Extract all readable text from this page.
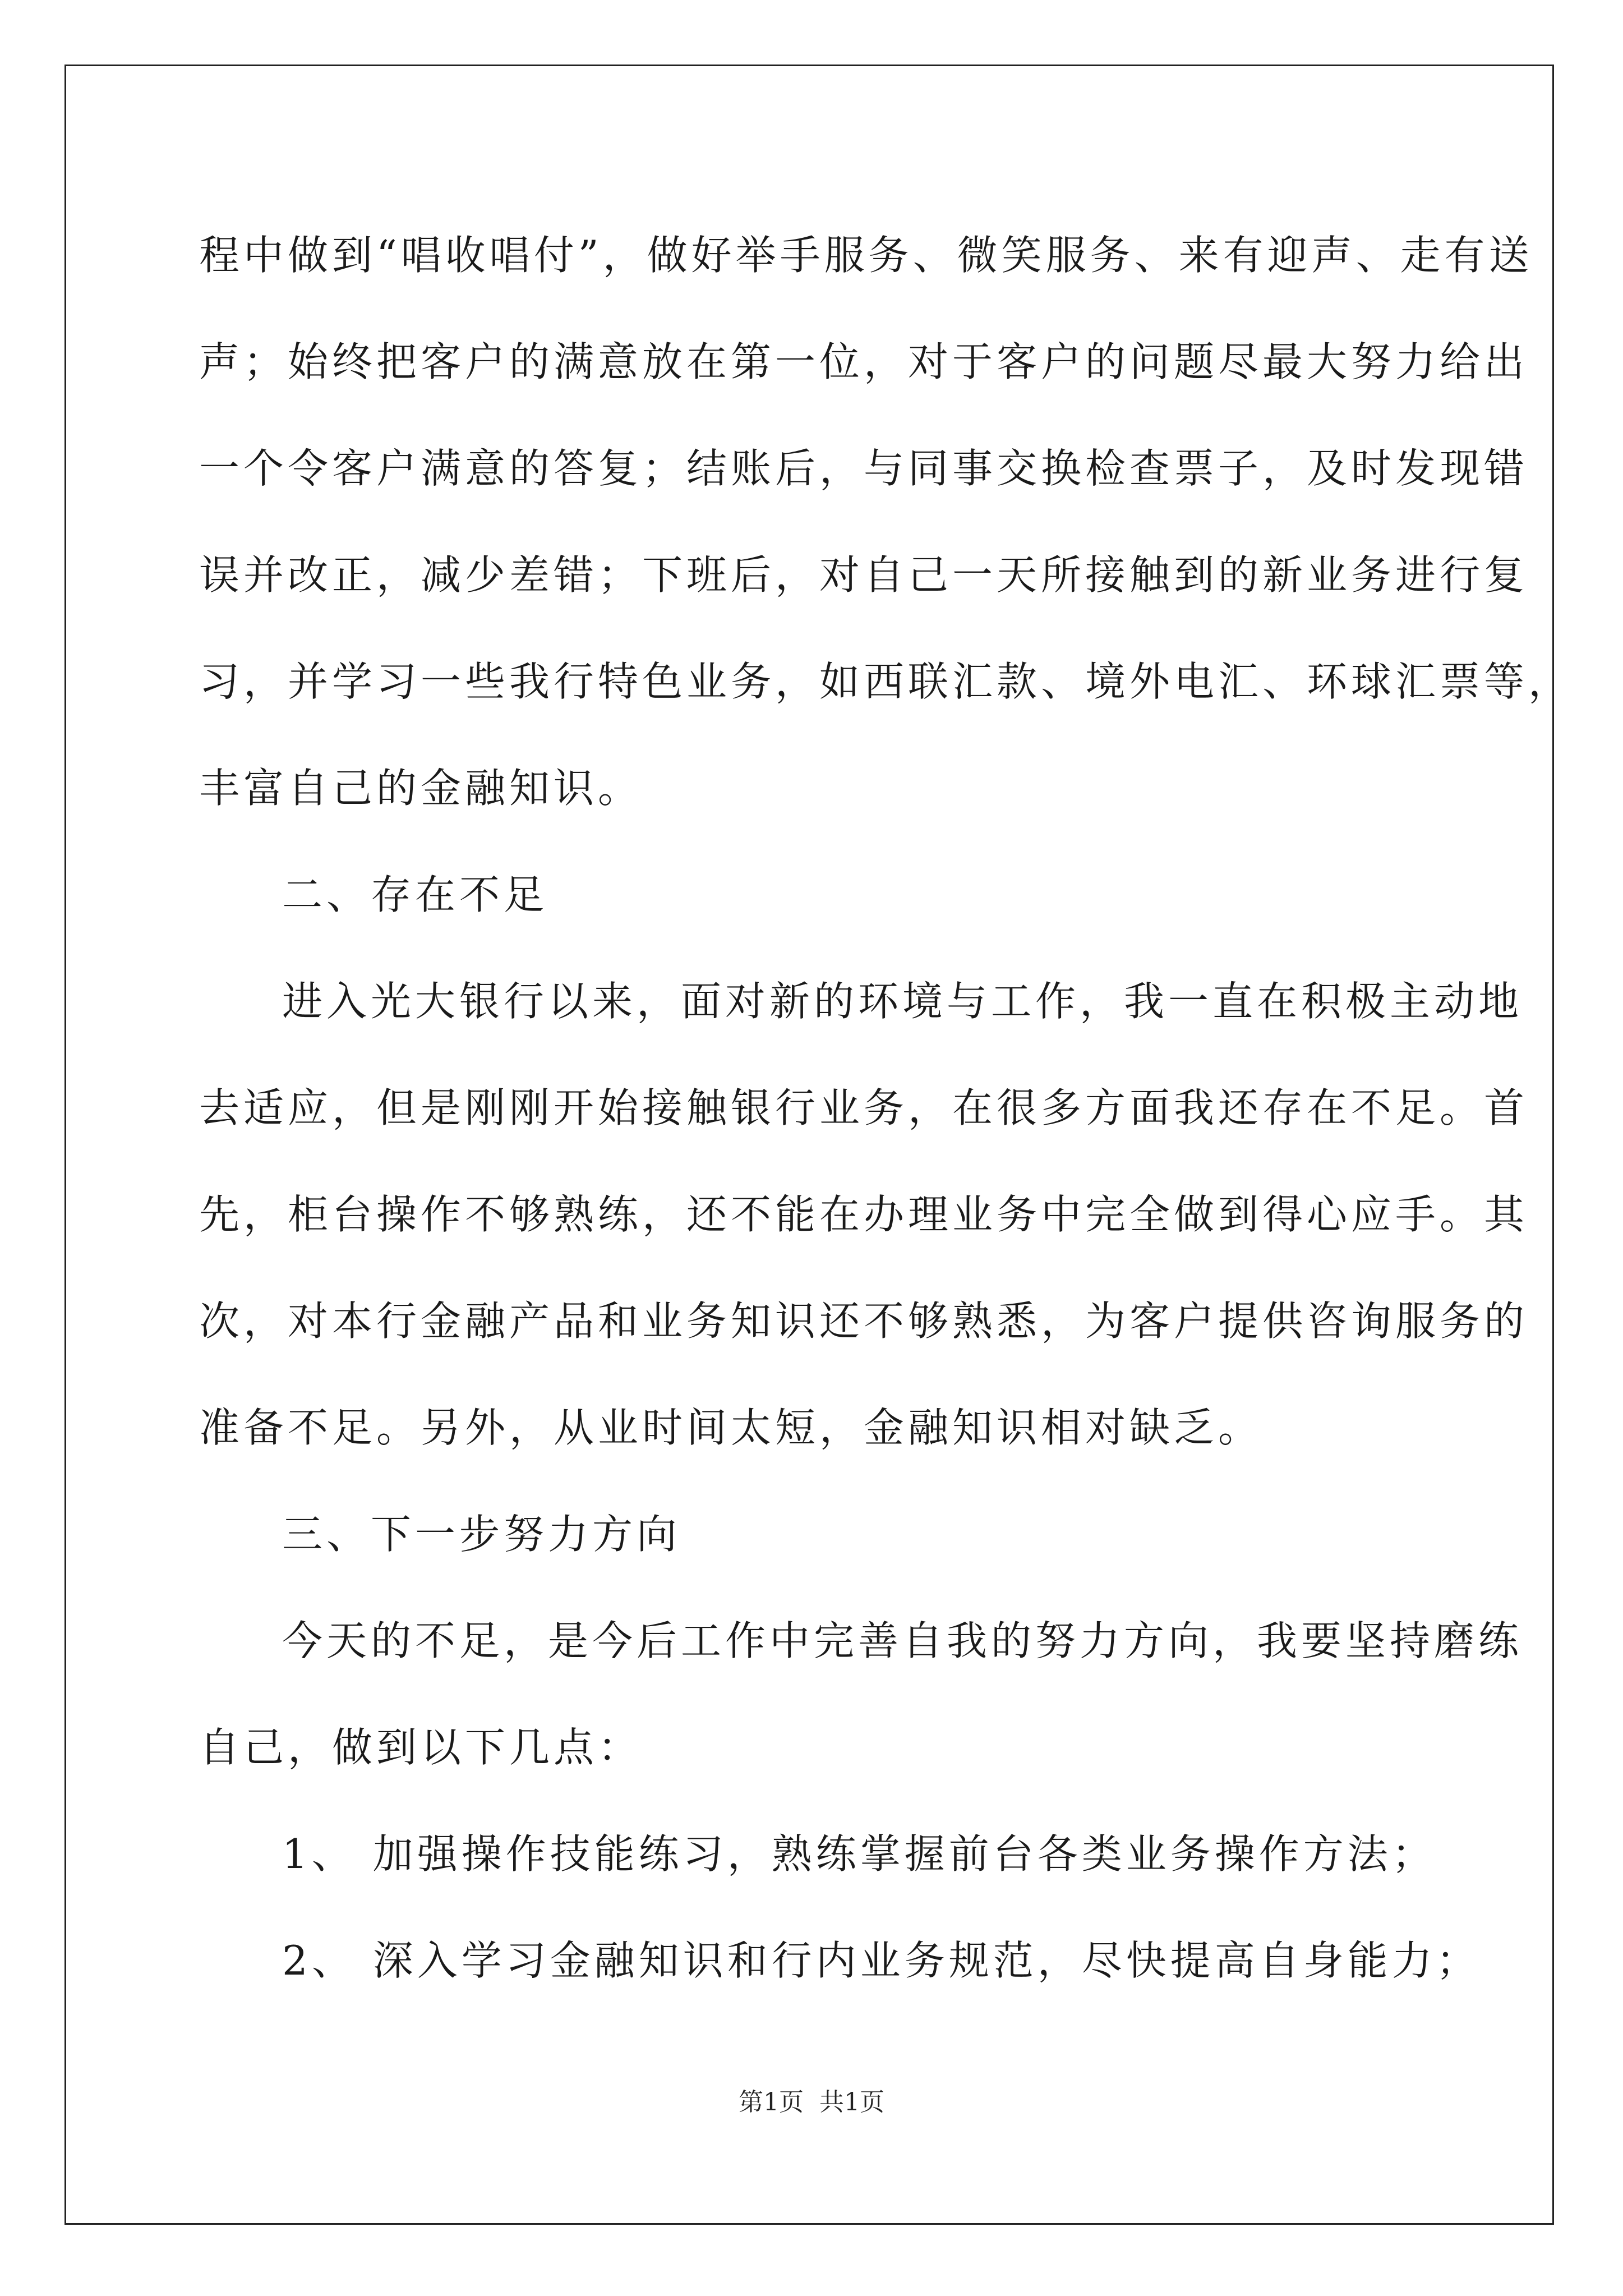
程中做到“唱收唱付”，做好举手服务、微笑服务、来有迎声、走有送
声；始终把客户的满意放在第一位，对于客户的问题尽最大努力给出
一个令客户满意的答复；结账后，与同事交换检查票子，及时发现错
误并改正，减少差错；下班后，对自己一天所接触到的新业务进行复
习，并学习一些我行特色业务，如西联汇款、境外电汇、环球汇票等，
丰富自己的金融知识。
二、存在不足
进入光大银行以来，面对新的环境与工作，我一直在积极主动地
去适应，但是刚刚开始接触银行业务，在很多方面我还存在不足。首
先，柜台操作不够熟练，还不能在办理业务中完全做到得心应手。其
次，对本行金融产品和业务知识还不够熟悉，为客户提供咨询服务的
准备不足。另外，从业时间太短，金融知识相对缺乏。
三、下一步努力方向
今天的不足，是今后工作中完善自我的努力方向，我要坚持磨练
自己，做到以下几点：
1、 加强操作技能练习，熟练掌握前台各类业务操作方法；
2、 深入学习金融知识和行内业务规范，尽快提高自身能力；
第1页 共1页
